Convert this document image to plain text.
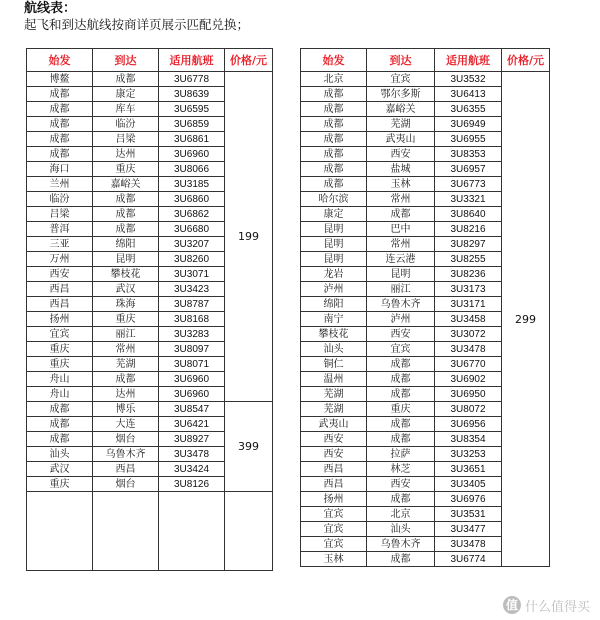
航线表：
起飞和到达航线按商详页展示匹配兑换；
始发	到达	适用航班	价格/元
博鳌	成都	3U6778	199
成都	康定	3U8639	
成都	库车	3U6595	
成都	临汾	3U6859	
成都	吕梁	3U6861	
成都	达州	3U6960	
海口	重庆	3U8066	
兰州	嘉峪关	3U3185	
临汾	成都	3U6860	
吕梁	成都	3U6862	
普洱	成都	3U6680	
三亚	绵阳	3U3207	
万州	昆明	3U8260	
西安	攀枝花	3U3071	
西昌	武汉	3U3423	
西昌	珠海	3U8787	
扬州	重庆	3U8168	
宜宾	丽江	3U3283	
重庆	常州	3U8097	
重庆	芜湖	3U8071	
舟山	成都	3U6960	
舟山	达州	3U6960	
成都	博乐	3U8547	399
成都	大连	3U6421	
成都	烟台	3U8927	
汕头	乌鲁木齐	3U3478	
武汉	西昌	3U3424	
重庆	烟台	3U8126	

始发	到达	适用航班	价格/元
北京	宜宾	3U3532	299
成都	鄂尔多斯	3U6413	
成都	嘉峪关	3U6355	
成都	芜湖	3U6949	
成都	武夷山	3U6955	
成都	西安	3U8353	
成都	盐城	3U6957	
成都	玉林	3U6773	
哈尔滨	常州	3U3321	
康定	成都	3U8640	
昆明	巴中	3U8216	
昆明	常州	3U8297	
昆明	连云港	3U8255	
龙岩	昆明	3U8236	
泸州	丽江	3U3173	
绵阳	乌鲁木齐	3U3171	
南宁	泸州	3U3458	
攀枝花	西安	3U3072	
汕头	宜宾	3U3478	
铜仁	成都	3U6770	
温州	成都	3U6902	
芜湖	成都	3U6950	
芜湖	重庆	3U8072	
武夷山	成都	3U6956	
西安	成都	3U8354	
西安	拉萨	3U3253	
西昌	林芝	3U3651	
西昌	西安	3U3405	
扬州	成都	3U6976	
宜宾	北京	3U3531	
宜宾	汕头	3U3477	
宜宾	乌鲁木齐	3U3478	
玉林	成都	3U6774	
值 什么值得买
